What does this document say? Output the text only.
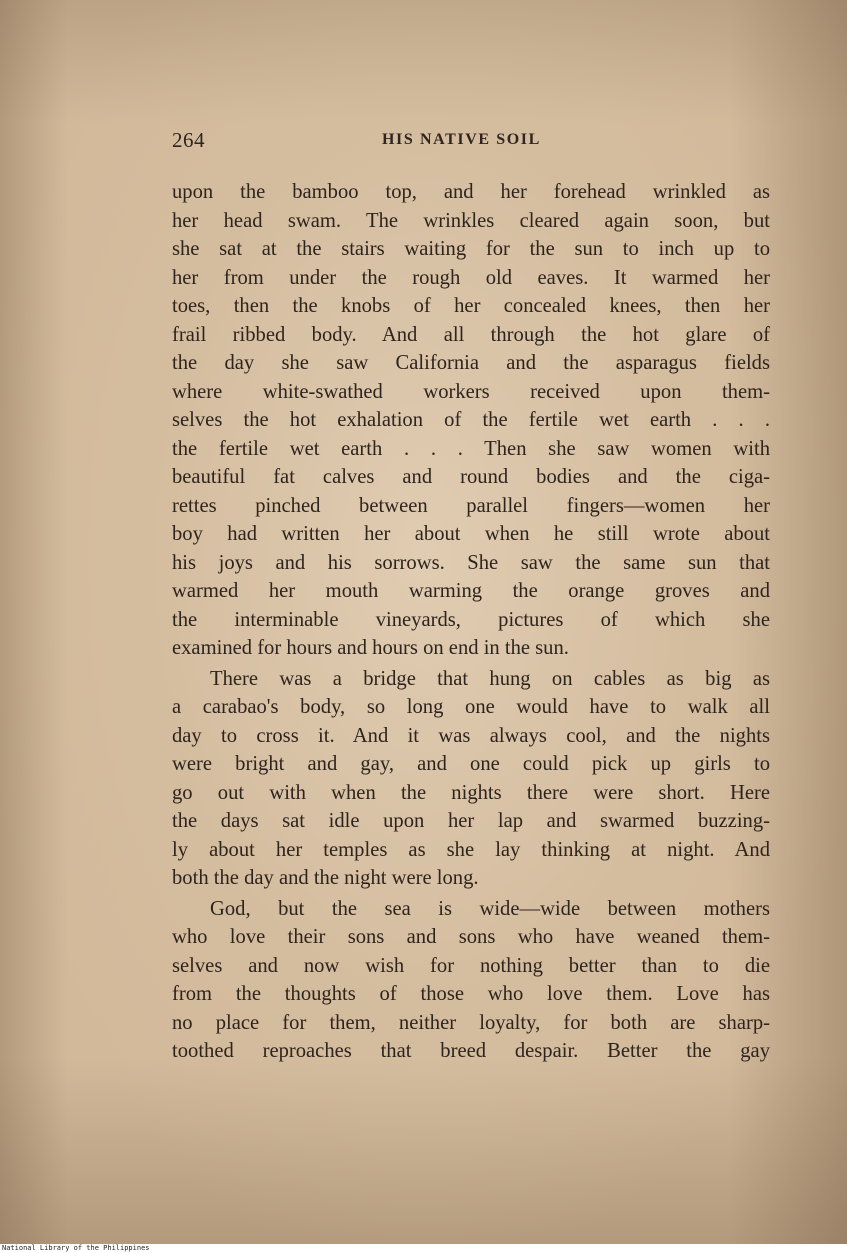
264	HIS NATIVE SOIL

upon the bamboo top, and her forehead wrinkled as
her head swam. The wrinkles cleared again soon, but
she sat at the stairs waiting for the sun to inch up to
her from under the rough old eaves. It warmed her
toes, then the knobs of her concealed knees, then her
frail ribbed body. And all through the hot glare of
the day she saw California and the asparagus fields
where white-swathed workers received upon them-
selves the hot exhalation of the fertile wet earth . . .
the fertile wet earth . . . Then she saw women with
beautiful fat calves and round bodies and the ciga-
rettes pinched between parallel fingers—women her
boy had written her about when he still wrote about
his joys and his sorrows. She saw the same sun that
warmed her mouth warming the orange groves and
the interminable vineyards, pictures of which she
examined for hours and hours on end in the sun.

There was a bridge that hung on cables as big as
a carabao's body, so long one would have to walk all
day to cross it. And it was always cool, and the nights
were bright and gay, and one could pick up girls to
go out with when the nights there were short. Here
the days sat idle upon her lap and swarmed buzzing-
ly about her temples as she lay thinking at night. And
both the day and the night were long.

God, but the sea is wide—wide between mothers
who love their sons and sons who have weaned them-
selves and now wish for nothing better than to die
from the thoughts of those who love them. Love has
no place for them, neither loyalty, for both are sharp-
toothed reproaches that breed despair. Better the gay

National Library of the Philippines
